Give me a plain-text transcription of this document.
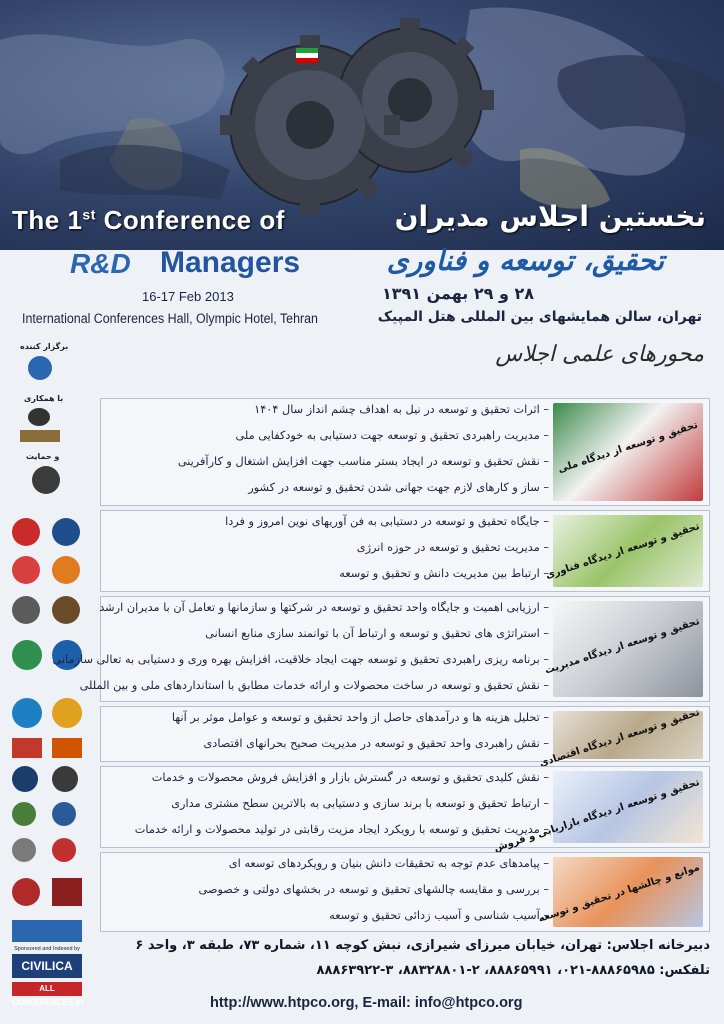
The 1st Conference of	نخستین اجلاس مدیران
R&D Managers	تحقیق، توسعه و فناوری
16-17 Feb 2013
International Conferences Hall, Olympic Hotel, Tehran
۲۸ و ۲۹ بهمن ۱۳۹۱
تهران، سالن همایشهای بین المللی هتل المپیک
محورهای علمی اجلاس
برگزار کننده
با همکاری
و حمایت
Sponsored and Indexed by
CIVILICA
ALL CONFERENCES.IR
تحقیق و توسعه از دیدگاه ملی
– اثرات تحقیق و توسعه در نیل به اهداف چشم انداز سال ۱۴۰۴
– مدیریت راهبردی تحقیق و توسعه جهت دستیابی به خودکفایی ملی
– نقش تحقیق و توسعه در ایجاد بستر مناسب جهت افزایش اشتغال و کارآفرینی
– ساز و کارهای لازم جهت جهانی شدن تحقیق و توسعه در کشور
تحقیق و توسعه از دیدگاه فناوری
– جایگاه تحقیق و توسعه در دستیابی به فن آوریهای نوین امروز و فردا
– مدیریت تحقیق و توسعه در حوزه انرژی
– ارتباط بین مدیریت دانش و تحقیق و توسعه
تحقیق و توسعه از دیدگاه مدیریت
– ارزیابی اهمیت و جایگاه واحد تحقیق و توسعه در شرکتها و سازمانها و تعامل آن با مدیران ارشد
– استراتژی های تحقیق و توسعه و ارتباط آن با توانمند سازی منابع انسانی
– برنامه ریزی راهبردی تحقیق و توسعه جهت ایجاد خلاقیت، افزایش بهره وری و دستیابی به تعالی سازمانی
– نقش تحقیق و توسعه در ساخت محصولات و ارائه خدمات مطابق با استانداردهای ملی و بین المللی
تحقیق و توسعه از دیدگاه اقتصادی
– تحلیل هزینه ها و درآمدهای حاصل از واحد تحقیق و توسعه و عوامل موثر بر آنها
– نقش راهبردی واحد تحقیق و توسعه در مدیریت صحیح بحرانهای اقتصادی
تحقیق و توسعه از دیدگاه بازاریابی و فروش
– نقش کلیدی تحقیق و توسعه در گسترش بازار و افزایش فروش محصولات و خدمات
– ارتباط تحقیق و توسعه با برند سازی و دستیابی به بالاترین سطح مشتری مداری
– مدیریت تحقیق و توسعه با رویکرد ایجاد مزیت رقابتی در تولید محصولات و ارائه خدمات
موانع و چالشها در تحقیق و توسعه
– پیامدهای عدم توجه به تحقیقات دانش بنیان و رویکردهای توسعه ای
– بررسی و مقایسه چالشهای تحقیق و توسعه در بخشهای دولتی و خصوصی
– آسیب شناسی و آسیب زدائی تحقیق و توسعه
دبیرخانه اجلاس: تهران، خیابان میرزای شیرازی، نبش کوچه ۱۱، شماره ۷۳، طبقه ۳، واحد ۶
تلفکس: ۸۸۸۶۵۹۸۵-۰۲۱، ۸۸۸۶۵۹۹۱، ۲-۸۸۳۲۸۸۰۱، ۳-۸۸۸۶۳۹۲۲
http://www.htpco.org, E-mail: info@htpco.org
